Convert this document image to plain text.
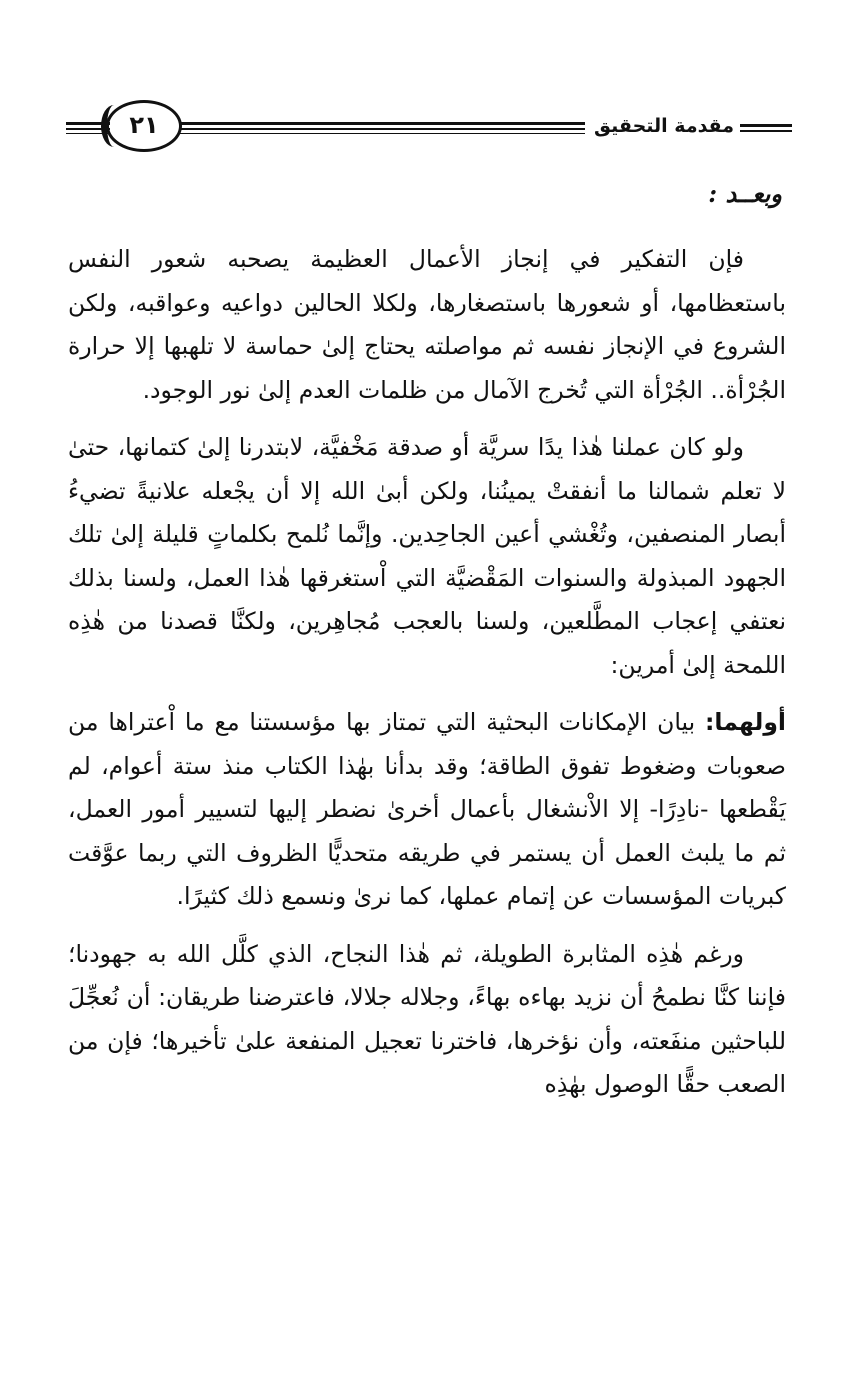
مقدمة التحقيق
٢١
وبعــد :

فإن التفكير في إنجاز الأعمال العظيمة يصحبه شعور النفس باستعظامها، أو شعورها باستصغارها، ولكلا الحالين دواعيه وعواقبه، ولكن الشروع في الإنجاز نفسه ثم مواصلته يحتاج إلىٰ حماسة لا تلهبها إلا حرارة الجُرْأة.. الجُرْأة التي تُخرج الآمال من ظلمات العدم إلىٰ نور الوجود.

ولو كان عملنا هٰذا يدًا سريَّة أو صدقة مَخْفيَّة، لابتدرنا إلىٰ كتمانها، حتىٰ لا تعلم شمالنا ما أنفقتْ يمينُنا، ولكن أبىٰ الله إلا أن يجْعله علانيةً تضيءُ أبصار المنصفين، وتُغْشي أعين الجاحِدين. وإنَّما نُلمح بكلماتٍ قليلة إلىٰ تلك الجهود المبذولة والسنوات المَقْضيَّة التي اْستغرقها هٰذا العمل، ولسنا بذلك نعتفي إعجاب المطَّلعين، ولسنا بالعجب مُجاهِرين، ولكنَّا قصدنا من هٰذِه اللمحة إلىٰ أمرين:

أولهما: بيان الإمكانات البحثية التي تمتاز بها مؤسستنا مع ما اْعتراها من صعوبات وضغوط تفوق الطاقة؛ وقد بدأنا بهٰذا الكتاب منذ ستة أعوام، لم يَقْطعها -نادِرًا- إلا الاْنشغال بأعمال أخرىٰ نضطر إليها لتسيير أمور العمل، ثم ما يلبث العمل أن يستمر في طريقه متحديًّا الظروف التي ربما عوَّقت كبريات المؤسسات عن إتمام عملها، كما نرىٰ ونسمع ذلك كثيرًا.

ورغم هٰذِه المثابرة الطويلة، ثم هٰذا النجاح، الذي كلَّل الله به جهودنا؛ فإننا كنَّا نطمحُ أن نزيد بهاءه بهاءً، وجلاله جلالا، فاعترضنا طريقان: أن نُعجِّلَ للباحثين منفَعته، وأن نؤخرها، فاخترنا تعجيل المنفعة علىٰ تأخيرها؛ فإن من الصعب حقًّا الوصول بهٰذِه
